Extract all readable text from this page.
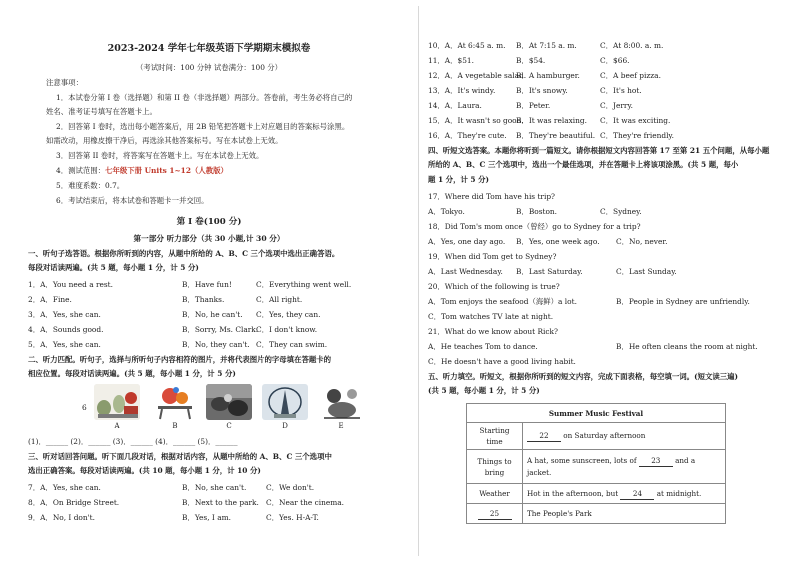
2023-2024 学年七年级英语下学期期末模拟卷
（考试时间：100 分钟 试卷满分：100 分）
注意事项：
1．本试卷分第 I 卷（选择题）和第 II 卷（非选择题）两部分。答卷前，考生务必将自己的
姓名、准考证号填写在答题卡上。
2．回答第 I 卷时，选出每小题答案后，用 2B 铅笔把答题卡上对应题目的答案标号涂黑。
如需改动，用橡皮擦干净后，再选涂其他答案标号。写在本试卷上无效。
3．回答第 II 卷时，将答案写在答题卡上。写在本试卷上无效。
4．测试范围：七年级下册 Units 1~12（人教版）
5．难度系数：0.7。
6．考试结束后，将本试卷和答题卡一并交回。
第 I 卷(100 分)
第一部分 听力部分（共 30 小题,计 30 分）
一、听句子选答语。根据你所听到的内容，从题中所给的 A、B、C 三个选项中选出正确答语。
每段对话读两遍。(共 5 题，每小题 1 分，计 5 分)
1．A．You need a rest.	B．Have fun!	C．Everything went well.
2．A．Fine.	B．Thanks.	C．All right.
3．A．Yes, she can.	B．No, he can't. C．Yes, they can.
4．A．Sounds good.	B．Sorry, Ms. Clark.
C．I don't know.
5．A．Yes, she can.	B．No, they can't. C．They can swim.
二、听力匹配。听句子，选择与所听句子内容相符的图片，并将代表图片的字母填在答题卡的
相应位置。每段对话读两遍。(共 5 题，每小题 1 分，计 5 分)
6
A	B	C	D	E
(1)．______ (2)．______ (3)．______ (4)．______ (5)．______
三、听对话回答问题。听下面几段对话，根据对话内容，从题中所给的 A、B、C 三个选项中
选出正确答案。每段对话读两遍。(共 10 题，每小题 1 分，计 10 分)
7．A．Yes, she can.	B．No, she can't.	C．We don't.
8．A．On Bridge Street.	B．Next to the park. C．Near the cinema.
9．A．No, I don't.	B．Yes, I am.	C．Yes. H-A-T.
10．A．At 6:45 a. m. B．At 7:15 a. m.	C．At 8:00. a. m.
11．A．$51.	B．$54.	C．$66.
12．A．A vegetable salad.
B．A hamburger.	C．A beef pizza.
13．A．It's windy.	B．It's snowy.	C．It's hot.
14．A．Laura.	B．Peter.	C．Jerry.
15．A．It wasn't so good.
B．It was relaxing. C．It was exciting.
16．A．They're cute. B．They're beautiful. C．They're friendly.
四、听短文选答案。本题你将听到一篇短文。请你根据短文内容回答第 17 至第 21 五个问题，从每小题
所给的 A、B、C 三个选项中，选出一个最佳选项，并在答题卡上将该项涂黑。(共 5 题，每小
题 1 分，计 5 分)
17．Where did Tom have his trip?
A．Tokyo.	B．Boston.	C．Sydney.
18．Did Tom's mom once（曾经）go to Sydney for a trip?
A．Yes, one day ago. B．Yes, one week ago. C．No, never.
19．When did Tom get to Sydney?
A．Last Wednesday. B．Last Saturday.	C．Last Sunday.
20．Which of the following is true?
A．Tom enjoys the seafood（海鲜）a lot.	B．People in Sydney are unfriendly.
C．Tom watches TV late at night.
21．What do we know about Rick?
A．He teaches Tom to dance.	B．He often cleans the room at night.
C．He doesn't have a good living habit.
五、听力填空。听短文，根据你所听到的短文内容，完成下面表格，每空填一词。(短文读三遍)
(共 5 题，每小题 1 分，计 5 分)
Summer Music Festival	
Starting time	22 on Saturday afternoon
Things to bring	A hat, some sunscreen, lots of 23 and a
jacket.
Weather	Hot in the afternoon, but 24 at midnight.
25	The People's Park
